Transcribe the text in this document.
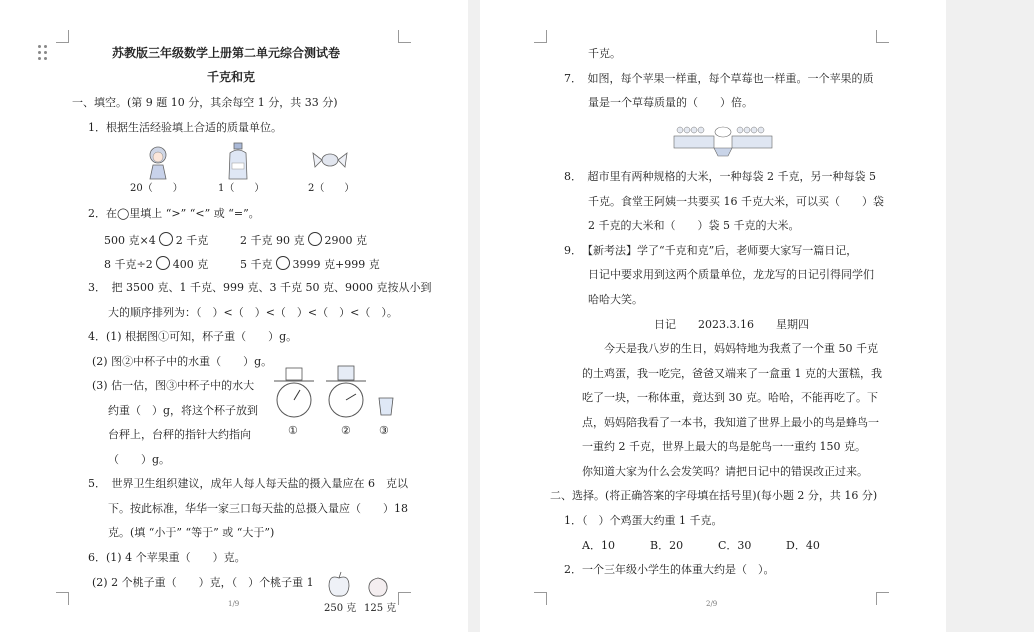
苏教版三年级数学上册第二单元综合测试卷
千克和克
一、填空。(第 9 题 10 分，其余每空 1 分，共 33 分)
1．根据生活经验填上合适的质量单位。
20（　　）	1（　　）	2（　　）
2．在◯里填上 “>” “<” 或 “=”。
500 克×4 2 千克	2 千克 90 克 2900 克
8 千克÷2 400 克	5 千克 3999 克+999 克
3．　把 3500 克、1 千克、999 克、3 千克 50 克、9000 克按从小到
大的顺序排列为：（　）<（　）<（　）<（　）<（　）。
4．(1) 根据图①可知，杯子重（　　）g。
(2) 图②中杯子中的水重（　　）g。
(3) 估一估，图③中杯子中的水大
约重（　）g，将这个杯子放到
台秤上，台秤的指针大约指向
（　　）g。
①	②	③
5．　世界卫生组织建议，成年人每人每天盐的摄入量应在 6　克以
下。按此标准，华华一家三口每天盐的总摄入量应（　　）18
克。(填 “小于” “等于” 或 “大于”)
6．(1) 4 个苹果重（　　）克。
(2) 2 个桃子重（　　）克，（　）个桃子重 1
250 克 125 克
1/9
千克。
7．　如图，每个苹果一样重，每个草莓也一样重。一个苹果的质
量是一个草莓质量的（　　）倍。
8．　超市里有两种规格的大米，一种每袋 2 千克，另一种每袋 5
千克。食堂王阿姨一共要买 16 千克大米，可以买（　　）袋
2 千克的大米和（　　）袋 5 千克的大米。
9．　【新考法】学了“千克和克”后，老师要大家写一篇日记，
日记中要求用到这两个质量单位，龙龙写的日记引得同学们
哈哈大笑。
日记　　2023.3.16　　星期四
今天是我八岁的生日，妈妈特地为我煮了一个重 50 千克
的土鸡蛋，我一吃完，爸爸又端来了一盒重 1 克的大蛋糕，我
吃了一块，一称体重，竟达到 30 克。哈哈，不能再吃了。下
点，妈妈陪我看了一本书，我知道了世界上最小的鸟是蜂鸟一
一重约 2 千克，世界上最大的鸟是鸵鸟一一重约 150 克。
你知道大家为什么会发笑吗？请把日记中的错误改正过来。
二、选择。(将正确答案的字母填在括号里)(每小题 2 分，共 16 分)
1．（　）个鸡蛋大约重 1 千克。
A．10	B．20	C．30	D．40
2．一个三年级小学生的体重大约是（　）。
2/9
